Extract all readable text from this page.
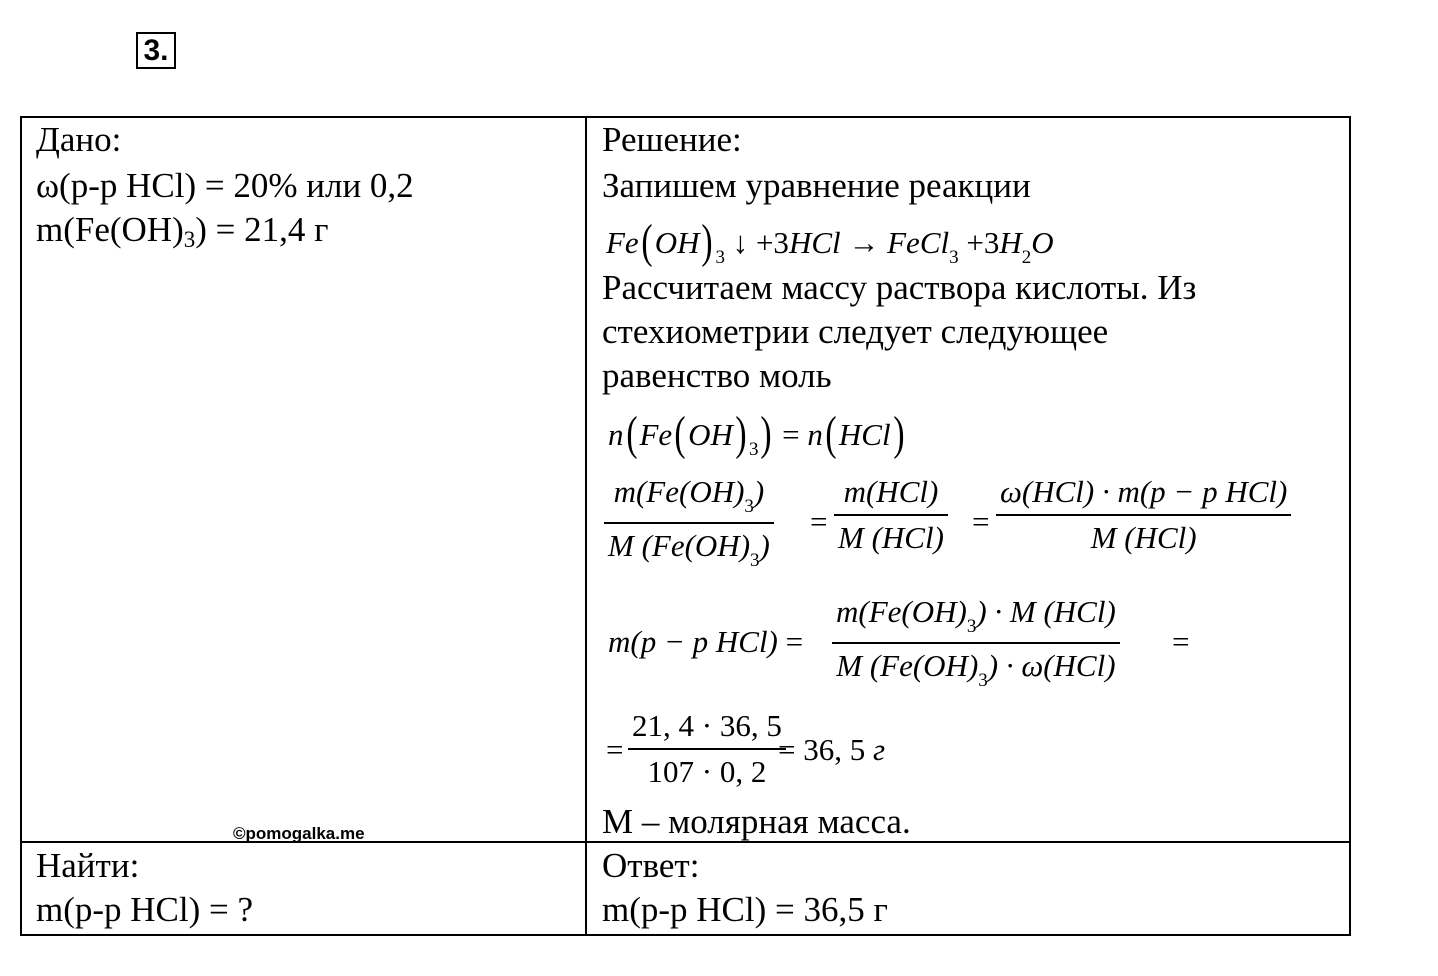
3.
Дано:
ω(р-р HCl) = 20% или 0,2
m(Fe(OH)3) = 21,4 г
Решение:
Запишем уравнение реакции
Fe(OH) $_3$ ↓ +3HCl → FeCl$_3$ $+3H_2O$
Рассчитаем массу раствора кислоты. Из
стехиометрии следует следующее
равенство моль
n(Fe(OH) $_3$) = n(HCl)
$m(Fe(OH)_3)$
M $(Fe(OH)_3)$
=
m(HCl)
M (HCl) =
ω(HCl) · m(p − p HCl)
M (HCl)
m(p − p HCl) =
$m(Fe(OH)_3) \cdot M$ (HCl)
M $(Fe(OH)_3) \cdot \omega(HCl)$
=
=
21, 4 · 36, 5
107 · 0, 2
= 36, 5 г
M – молярная масса.
©pomogalka.me
Найти:
m(р-р HCl) = ?
Ответ:
m(р-р HCl) = 36,5 г
